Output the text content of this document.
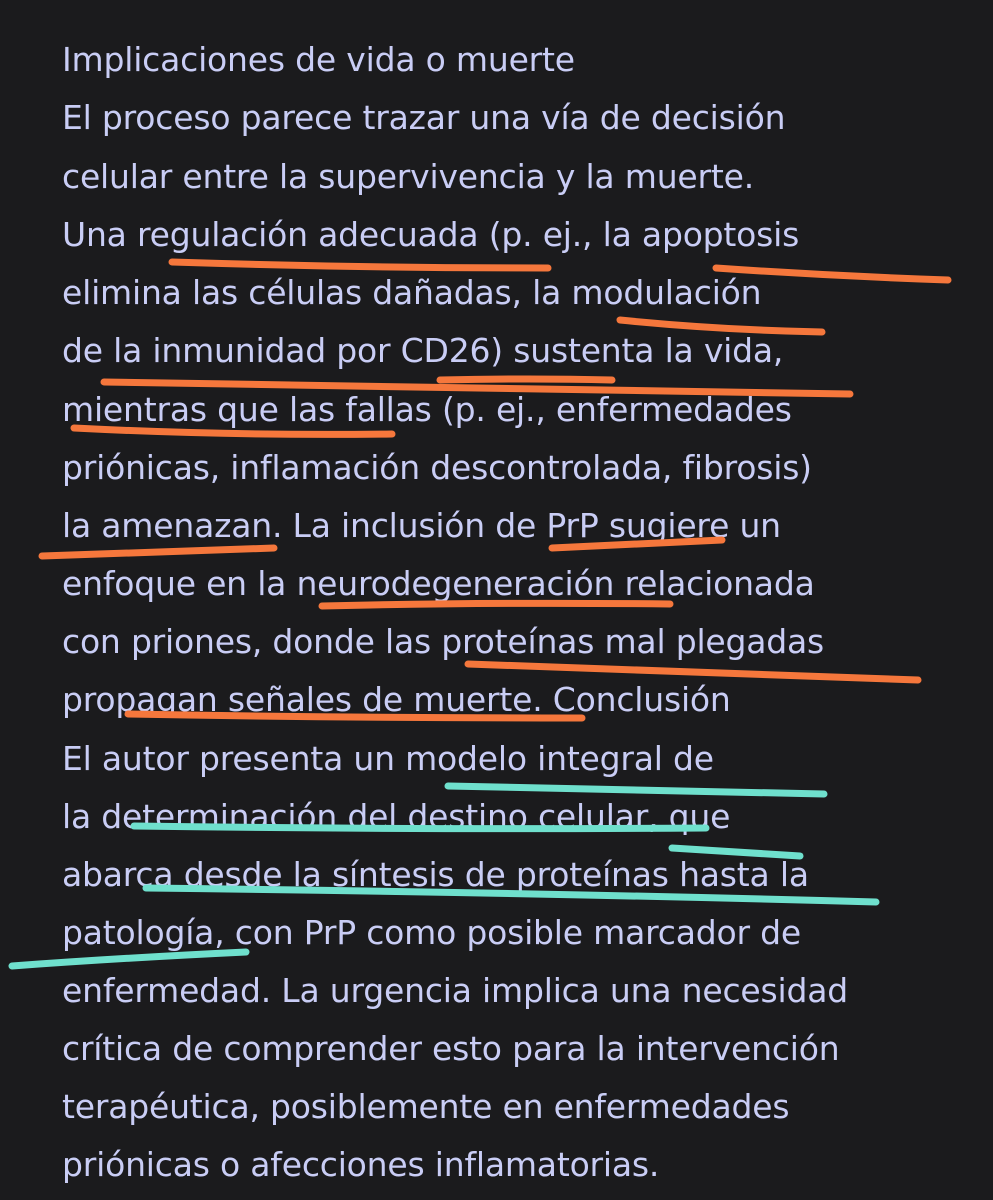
Implicaciones de vida o muerte
El proceso parece trazar una vía de decisión
celular entre la supervivencia y la muerte.
Una regulación adecuada (p. ej., la apoptosis
elimina las células dañadas, la modulación
de la inmunidad por CD26) sustenta la vida,
mientras que las fallas (p. ej., enfermedades
priónicas, inflamación descontrolada, fibrosis)
la amenazan. La inclusión de PrP sugiere un
enfoque en la neurodegeneración relacionada
con priones, donde las proteínas mal plegadas
propagan señales de muerte. Conclusión
El autor presenta un modelo integral de
la determinación del destino celular, que
abarca desde la síntesis de proteínas hasta la
patología, con PrP como posible marcador de
enfermedad. La urgencia implica una necesidad
crítica de comprender esto para la intervención
terapéutica, posiblemente en enfermedades
priónicas o afecciones inflamatorias.
